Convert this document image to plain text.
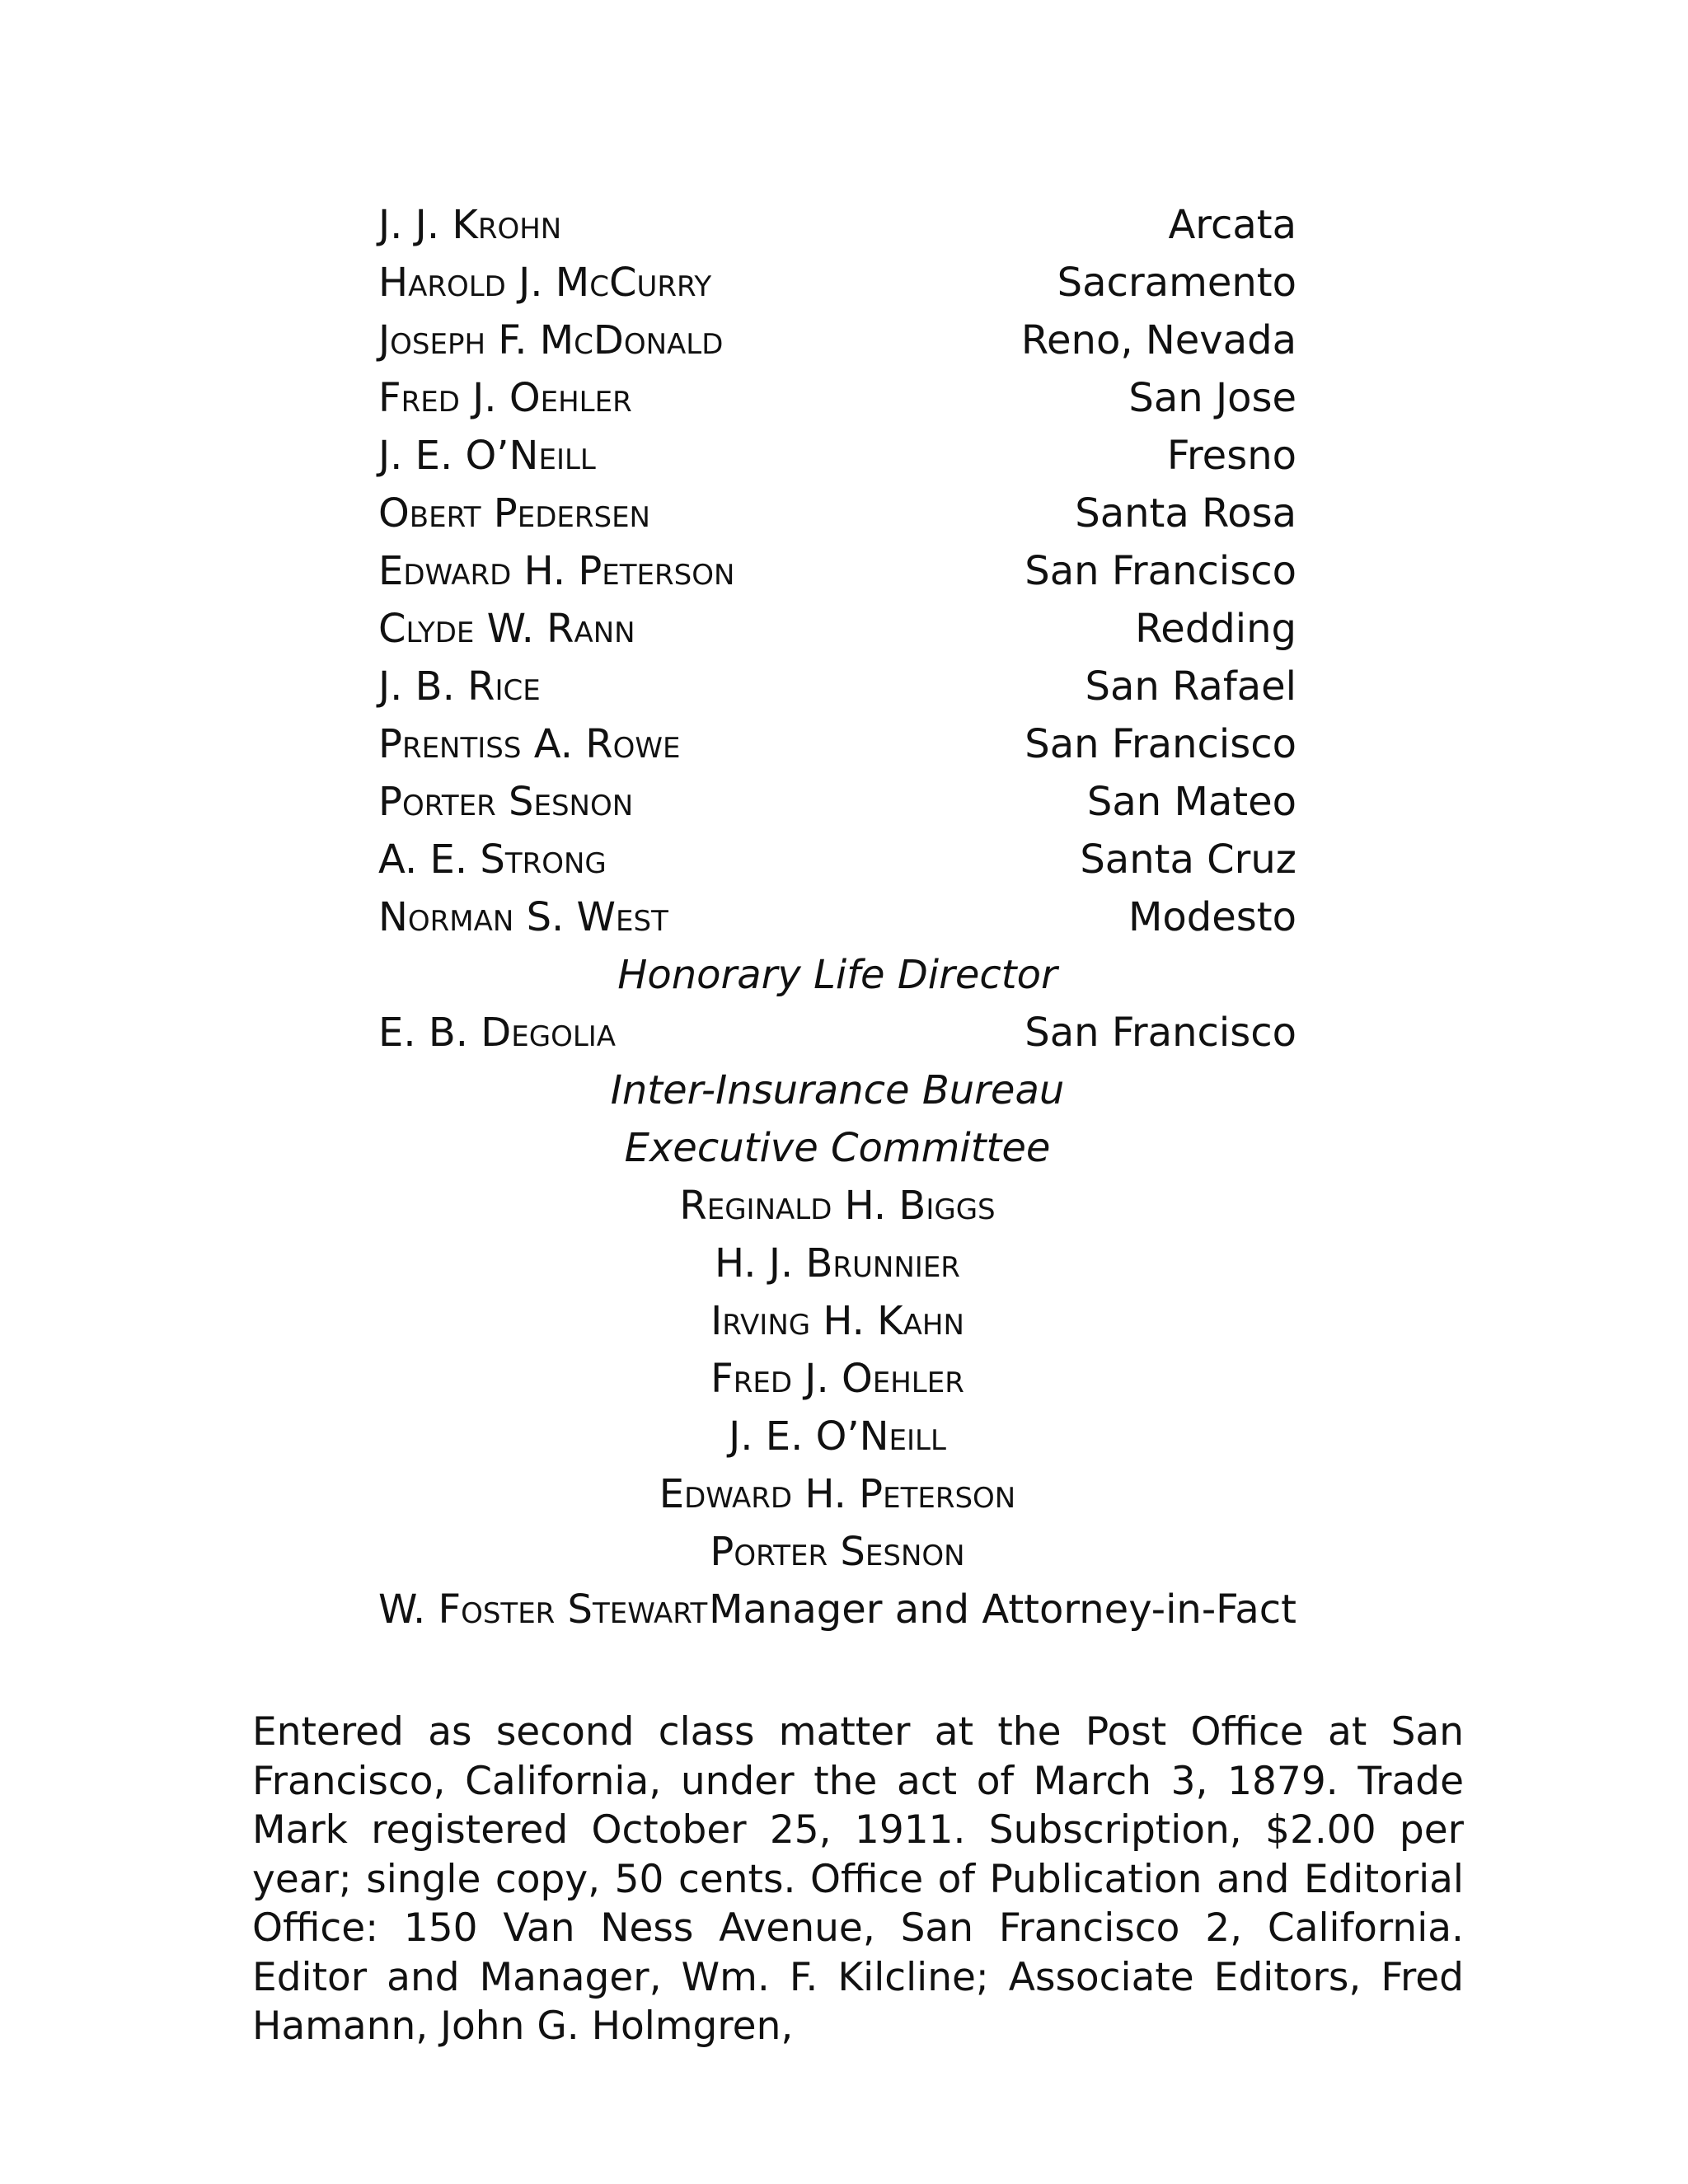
J. J. Krohn	Arcata
Harold J. McCurry	Sacramento
Joseph F. McDonald	Reno, Nevada
Fred J. Oehler	San Jose
J. E. O’Neill	Fresno
Obert Pedersen	Santa Rosa
Edward H. Peterson	San Francisco
Clyde W. Rann	Redding
J. B. Rice	San Rafael
Prentiss A. Rowe	San Francisco
Porter Sesnon	San Mateo
A. E. Strong	Santa Cruz
Norman S. West	Modesto
Honorary Life Director
E. B. Degolia	San Francisco
Inter-Insurance Bureau
Executive Committee
Reginald H. Biggs
H. J. Brunnier
Irving H. Kahn
Fred J. Oehler
J. E. O’Neill
Edward H. Peterson
Porter Sesnon
W. Foster Stewart Manager and Attorney-in-Fact

Entered as second class matter at the Post Office at San Francisco, California, under the act of March 3, 1879. Trade Mark registered October 25, 1911. Subscription, $2.00 per year; single copy, 50 cents. Office of Publication and Editorial Office: 150 Van Ness Avenue, San Francisco 2, California. Editor and Manager, Wm. F. Kilcline; Associate Editors, Fred Hamann, John G. Holmgren,
